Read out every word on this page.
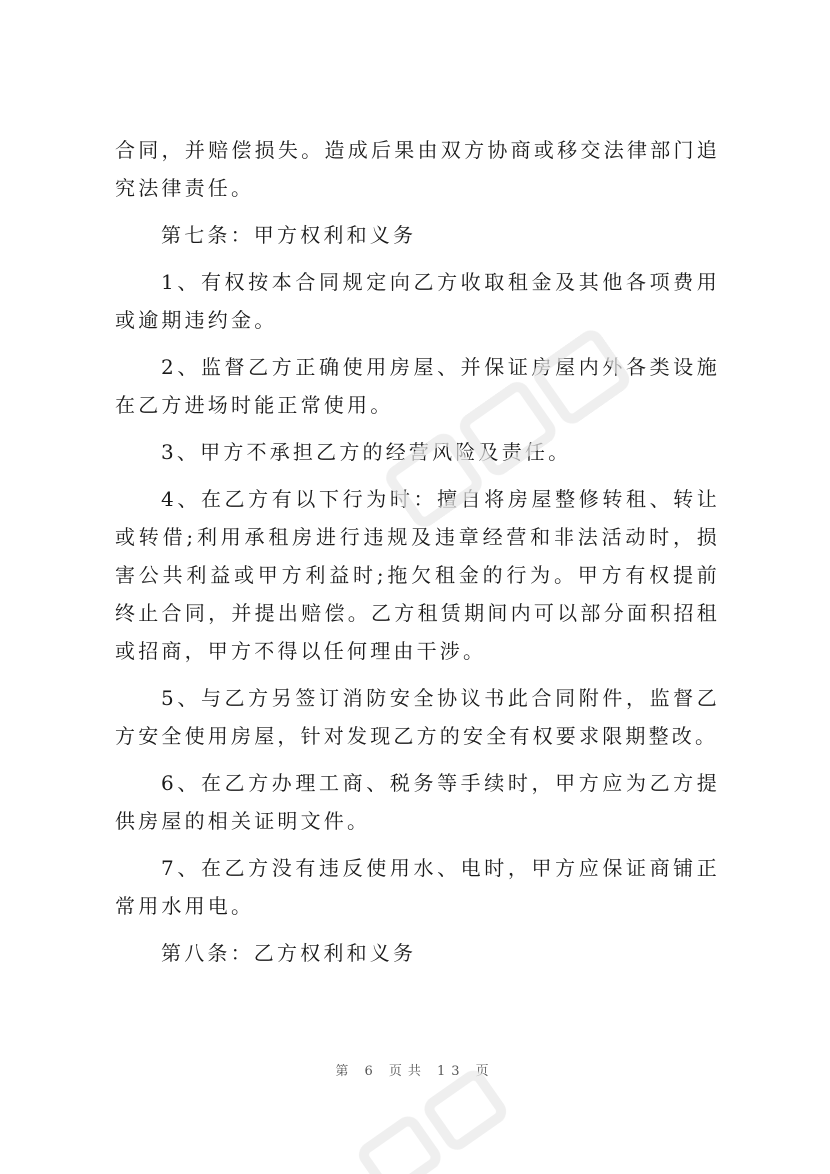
合同，并赔偿损失。造成后果由双方协商或移交法律部门追究法律责任。

第七条：甲方权利和义务

1、有权按本合同规定向乙方收取租金及其他各项费用或逾期违约金。

2、监督乙方正确使用房屋、并保证房屋内外各类设施在乙方进场时能正常使用。

3、甲方不承担乙方的经营风险及责任。

4、在乙方有以下行为时：擅自将房屋整修转租、转让或转借;利用承租房进行违规及违章经营和非法活动时，损害公共利益或甲方利益时;拖欠租金的行为。甲方有权提前终止合同，并提出赔偿。乙方租赁期间内可以部分面积招租或招商，甲方不得以任何理由干涉。

5、与乙方另签订消防安全协议书此合同附件，监督乙方安全使用房屋，针对发现乙方的安全有权要求限期整改。

6、在乙方办理工商、税务等手续时，甲方应为乙方提供房屋的相关证明文件。

7、在乙方没有违反使用水、电时，甲方应保证商铺正常用水用电。

第八条：乙方权利和义务

第 6 页共 13 页
